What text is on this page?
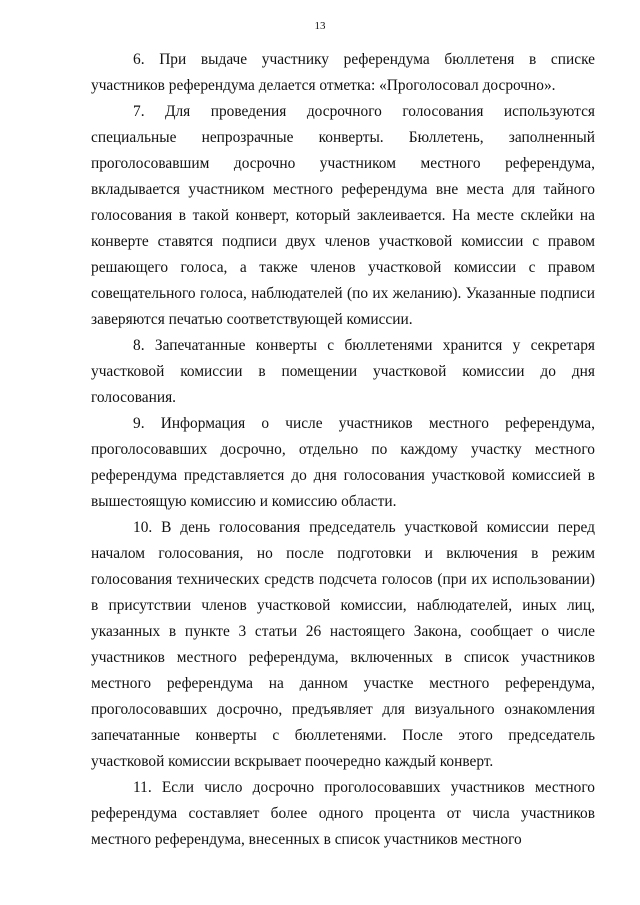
13

6. При выдаче участнику референдума бюллетеня в списке участников референдума делается отметка: «Проголосовал досрочно».

7. Для проведения досрочного голосования используются специальные непрозрачные конверты. Бюллетень, заполненный проголосовавшим досрочно участником местного референдума, вкладывается участником местного референдума вне места для тайного голосования в такой конверт, который заклеивается. На месте склейки на конверте ставятся подписи двух членов участковой комиссии с правом решающего голоса, а также членов участковой комиссии с правом совещательного голоса, наблюдателей (по их желанию). Указанные подписи заверяются печатью соответствующей комиссии.

8. Запечатанные конверты с бюллетенями хранится у секретаря участковой комиссии в помещении участковой комиссии до дня голосования.

9. Информация о числе участников местного референдума, проголосовавших досрочно, отдельно по каждому участку местного референдума представляется до дня голосования участковой комиссией в вышестоящую комиссию и комиссию области.

10. В день голосования председатель участковой комиссии перед началом голосования, но после подготовки и включения в режим голосования технических средств подсчета голосов (при их использовании) в присутствии членов участковой комиссии, наблюдателей, иных лиц, указанных в пункте 3 статьи 26 настоящего Закона, сообщает о числе участников местного референдума, включенных в список участников местного референдума на данном участке местного референдума, проголосовавших досрочно, предъявляет для визуального ознакомления запечатанные конверты с бюллетенями. После этого председатель участковой комиссии вскрывает поочередно каждый конверт.

11. Если число досрочно проголосовавших участников местного референдума составляет более одного процента от числа участников местного референдума, внесенных в список участников местного
